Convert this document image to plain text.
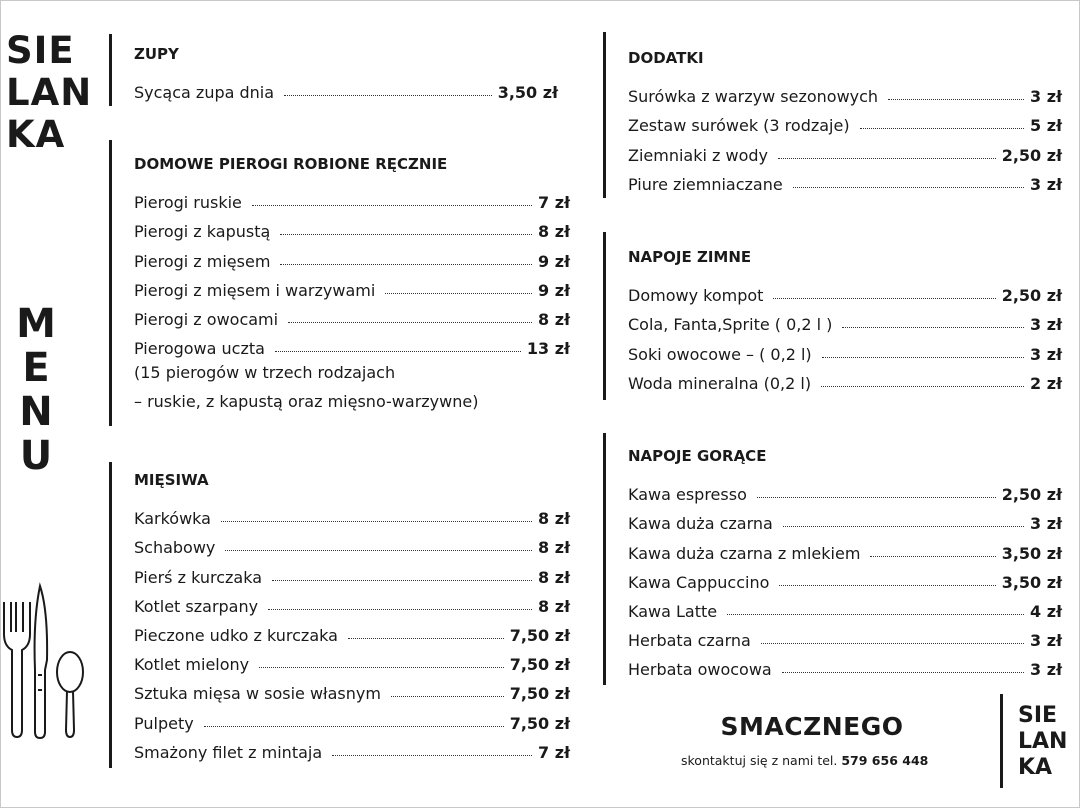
SIE
LAN
KA
M
E
N
U
ZUPY
Sycąca zupa dnia	3,50 zł
DOMOWE PIEROGI ROBIONE RĘCZNIE
Pierogi ruskie	7 zł
Pierogi z kapustą	8 zł
Pierogi z mięsem	9 zł
Pierogi z mięsem i warzywami	9 zł
Pierogi z owocami	8 zł
Pierogowa uczta	13 zł
(15 pierogów w trzech rodzajach
– ruskie, z kapustą oraz mięsno-warzywne)
MIĘSIWA
Karkówka	8 zł
Schabowy	8 zł
Pierś z kurczaka	8 zł
Kotlet szarpany	8 zł
Pieczone udko z kurczaka	7,50 zł
Kotlet mielony	7,50 zł
Sztuka mięsa w sosie własnym	7,50 zł
Pulpety	7,50 zł
Smażony filet z mintaja	7 zł
DODATKI
Surówka z warzyw sezonowych	3 zł
Zestaw surówek (3 rodzaje)	5 zł
Ziemniaki z wody	2,50 zł
Piure ziemniaczane	3 zł
NAPOJE ZIMNE
Domowy kompot	2,50 zł
Cola, Fanta,Sprite ( 0,2 l )	3 zł
Soki owocowe – ( 0,2 l)	3 zł
Woda mineralna (0,2 l)	2 zł
NAPOJE GORĄCE
Kawa espresso	2,50 zł
Kawa duża czarna	3 zł
Kawa duża czarna z mlekiem	3,50 zł
Kawa Cappuccino	3,50 zł
Kawa Latte	4 zł
Herbata czarna	3 zł
Herbata owocowa	3 zł
SMACZNEGO
skontaktuj się z nami tel. 579 656 448
SIE
LAN
KA
